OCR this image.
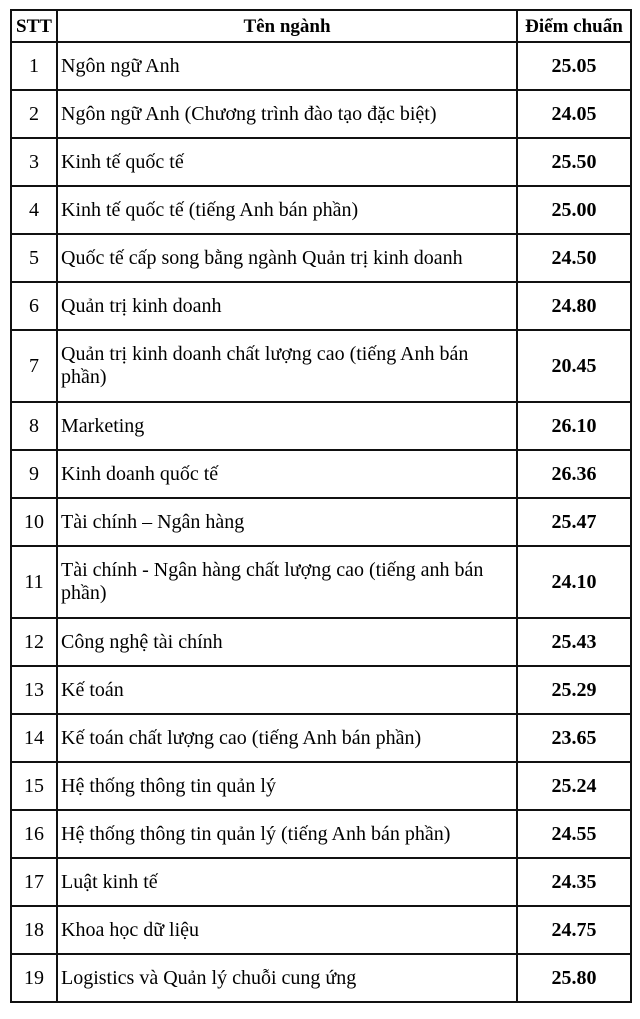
STT	Tên ngành	Điểm chuẩn
1	Ngôn ngữ Anh	25.05
2	Ngôn ngữ Anh (Chương trình đào tạo đặc biệt)	24.05
3	Kinh tế quốc tế	25.50
4	Kinh tế quốc tế (tiếng Anh bán phần)	25.00
5	Quốc tế cấp song bằng ngành Quản trị kinh doanh	24.50
6	Quản trị kinh doanh	24.80
7	Quản trị kinh doanh chất lượng cao (tiếng Anh bán phần)	20.45
8	Marketing	26.10
9	Kinh doanh quốc tế	26.36
10	Tài chính – Ngân hàng	25.47
11	Tài chính - Ngân hàng chất lượng cao (tiếng anh bán phần)	24.10
12	Công nghệ tài chính	25.43
13	Kế toán	25.29
14	Kế toán chất lượng cao (tiếng Anh bán phần)	23.65
15	Hệ thống thông tin quản lý	25.24
16	Hệ thống thông tin quản lý (tiếng Anh bán phần)	24.55
17	Luật kinh tế	24.35
18	Khoa học dữ liệu	24.75
19	Logistics và Quản lý chuỗi cung ứng	25.80
